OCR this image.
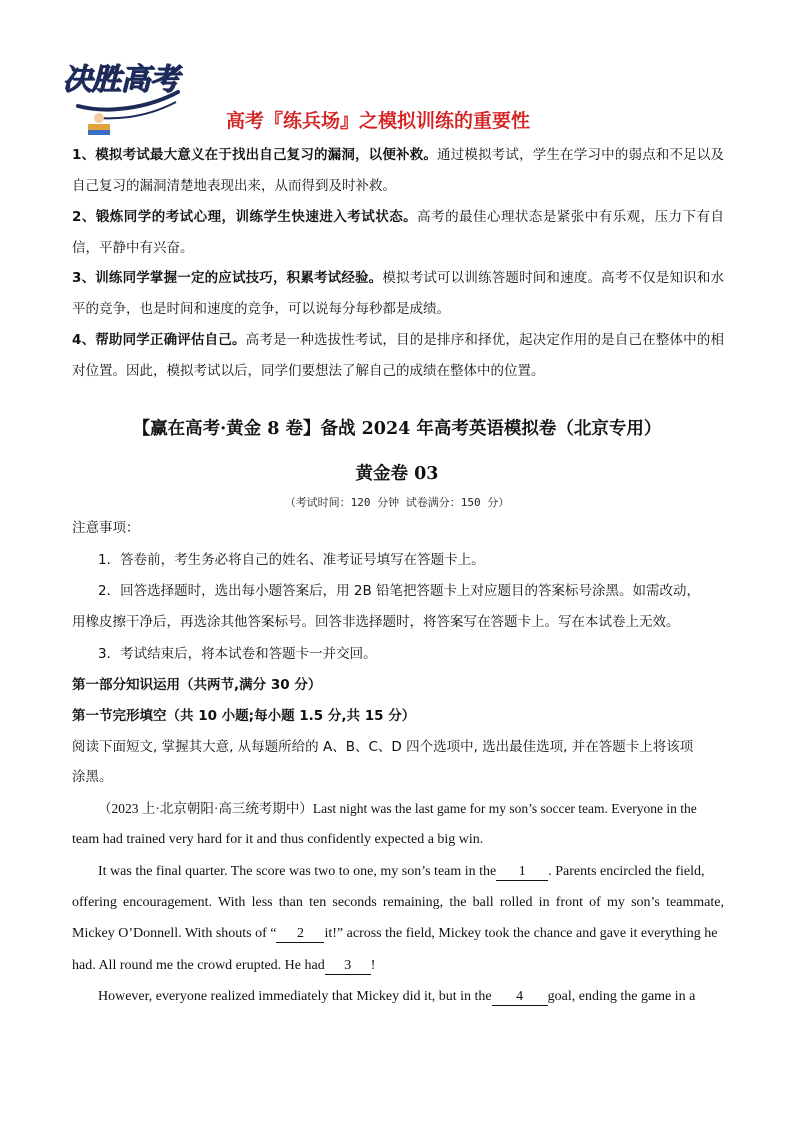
决胜高考
高考『练兵场』之模拟训练的重要性
1、模拟考试最大意义在于找出自己复习的漏洞，以便补救。通过模拟考试，学生在学习中的弱点和不足以及自己复习的漏洞清楚地表现出来，从而得到及时补救。
2、锻炼同学的考试心理，训练学生快速进入考试状态。高考的最佳心理状态是紧张中有乐观，压力下有自信，平静中有兴奋。
3、训练同学掌握一定的应试技巧，积累考试经验。模拟考试可以训练答题时间和速度。高考不仅是知识和水平的竞争，也是时间和速度的竞争，可以说每分每秒都是成绩。
4、帮助同学正确评估自己。高考是一种选拔性考试，目的是排序和择优，起决定作用的是自己在整体中的相对位置。因此，模拟考试以后，同学们要想法了解自己的成绩在整体中的位置。
【赢在高考·黄金 8 卷】备战 2024 年高考英语模拟卷（北京专用）
黄金卷 03
（考试时间：120 分钟 试卷满分：150 分）
注意事项：
1．答卷前，考生务必将自己的姓名、准考证号填写在答题卡上。
2．回答选择题时，选出每小题答案后，用 2B 铅笔把答题卡上对应题目的答案标号涂黑。如需改动，
用橡皮擦干净后，再选涂其他答案标号。回答非选择题时，将答案写在答题卡上。写在本试卷上无效。
3．考试结束后，将本试卷和答题卡一并交回。
第一部分知识运用（共两节,满分 30 分）
第一节完形填空（共 10 小题;每小题 1.5 分,共 15 分）
阅读下面短文, 掌握其大意, 从每题所给的 A、B、C、D 四个选项中, 选出最佳选项, 并在答题卡上将该项
涂黑。
（2023 上·北京朝阳·高三统考期中）Last night was the last game for my son’s soccer team. Everyone in the
team had trained very hard for it and thus confidently expected a big win.
It was the final quarter. The score was two to one, my son’s team in the 1 . Parents encircled the field,
offering encouragement. With less than ten seconds remaining, the ball rolled in front of my son’s teammate,
Mickey O’Donnell. With shouts of “ 2 it!” across the field, Mickey took the chance and gave it everything he
had. All round me the crowd erupted. He had 3 !
However, everyone realized immediately that Mickey did it, but in the 4 goal, ending the game in a
